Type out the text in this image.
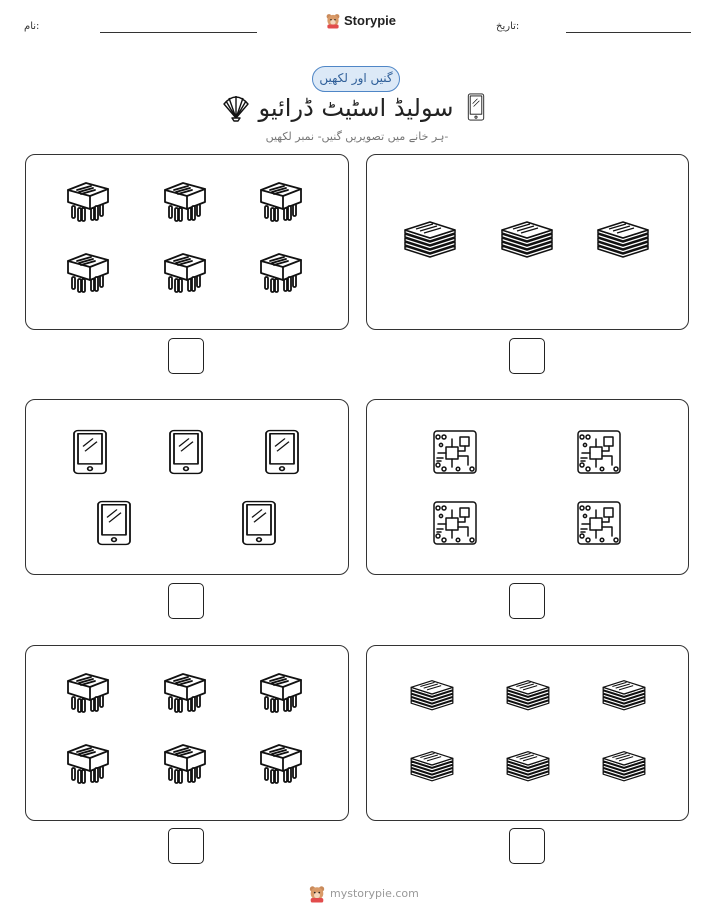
نام:	Storypie	تاریخ:
گنیں اور لکھیں
سولیڈ اسٹیٹ ڈرائیو
ہر خانے میں تصویریں گنیں- نمبر لکھیں-
mystorypie.com
